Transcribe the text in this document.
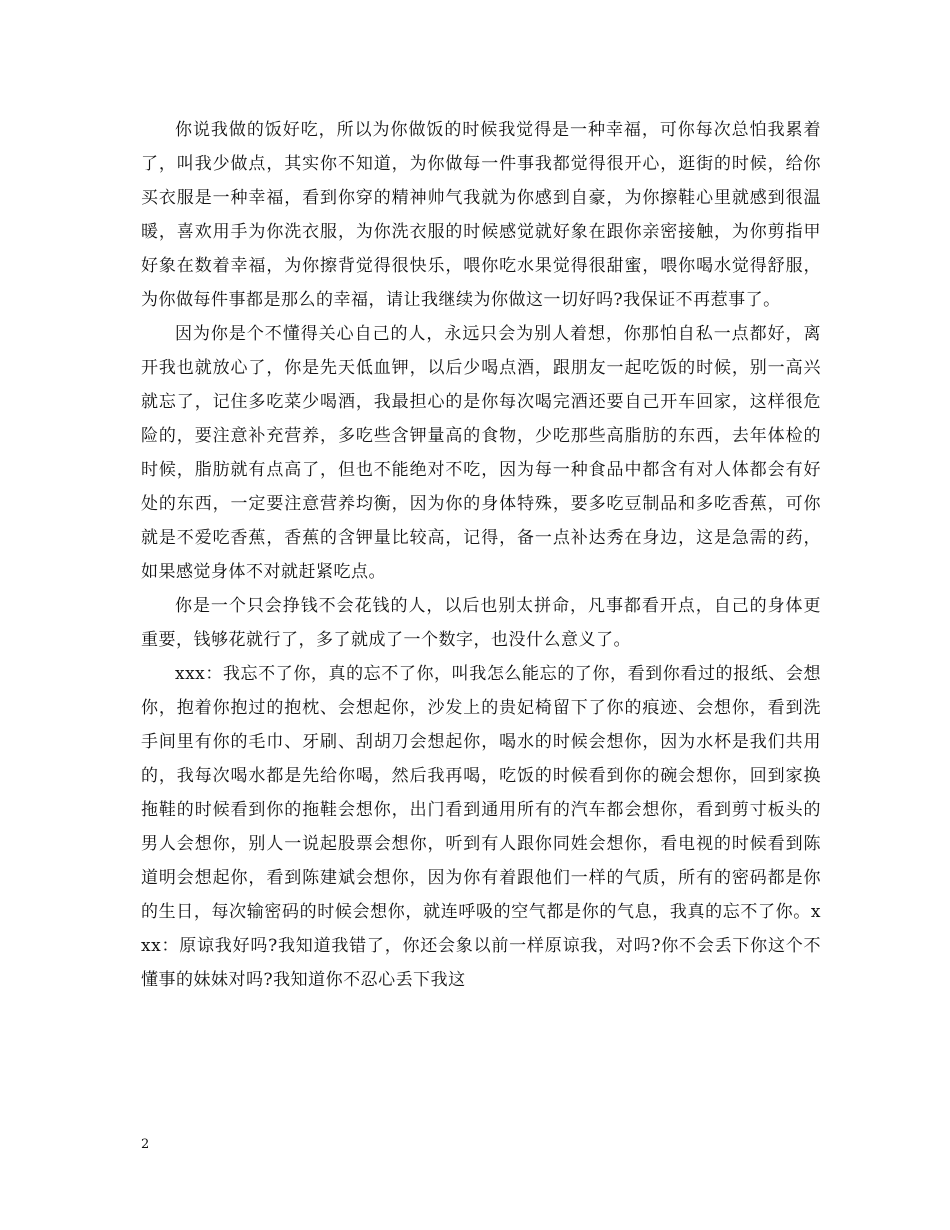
你说我做的饭好吃，所以为你做饭的时候我觉得是一种幸福，可你每次总怕我累着了，叫我少做点，其实你不知道，为你做每一件事我都觉得很开心，逛街的时候，给你买衣服是一种幸福，看到你穿的精神帅气我就为你感到自豪，为你擦鞋心里就感到很温暖，喜欢用手为你洗衣服，为你洗衣服的时候感觉就好象在跟你亲密接触，为你剪指甲好象在数着幸福，为你擦背觉得很快乐，喂你吃水果觉得很甜蜜，喂你喝水觉得舒服，为你做每件事都是那么的幸福，请让我继续为你做这一切好吗?我保证不再惹事了。

因为你是个不懂得关心自己的人，永远只会为别人着想，你那怕自私一点都好，离开我也就放心了，你是先天低血钾，以后少喝点酒，跟朋友一起吃饭的时候，别一高兴就忘了，记住多吃菜少喝酒，我最担心的是你每次喝完酒还要自己开车回家，这样很危险的，要注意补充营养，多吃些含钾量高的食物，少吃那些高脂肪的东西，去年体检的时候，脂肪就有点高了，但也不能绝对不吃，因为每一种食品中都含有对人体都会有好处的东西，一定要注意营养均衡，因为你的身体特殊，要多吃豆制品和多吃香蕉，可你就是不爱吃香蕉，香蕉的含钾量比较高，记得，备一点补达秀在身边，这是急需的药，如果感觉身体不对就赶紧吃点。

你是一个只会挣钱不会花钱的人，以后也别太拼命，凡事都看开点，自己的身体更重要，钱够花就行了，多了就成了一个数字，也没什么意义了。

xxx：我忘不了你，真的忘不了你，叫我怎么能忘的了你，看到你看过的报纸、会想你，抱着你抱过的抱枕、会想起你，沙发上的贵妃椅留下了你的痕迹、会想你，看到洗手间里有你的毛巾、牙刷、刮胡刀会想起你，喝水的时候会想你，因为水杯是我们共用的，我每次喝水都是先给你喝，然后我再喝，吃饭的时候看到你的碗会想你，回到家换拖鞋的时候看到你的拖鞋会想你，出门看到通用所有的汽车都会想你，看到剪寸板头的男人会想你，别人一说起股票会想你，听到有人跟你同姓会想你，看电视的时候看到陈道明会想起你，看到陈建斌会想你，因为你有着跟他们一样的气质，所有的密码都是你的生日，每次输密码的时候会想你，就连呼吸的空气都是你的气息，我真的忘不了你。xxx：原谅我好吗?我知道我错了，你还会象以前一样原谅我，对吗?你不会丢下你这个不懂事的妹妹对吗?我知道你不忍心丢下我这

2
